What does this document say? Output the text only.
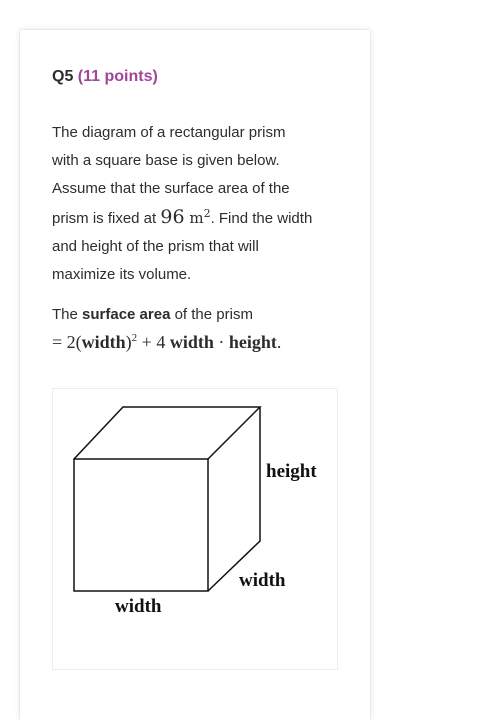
Q5 (11 points)
The diagram of a rectangular prism
with a square base is given below.
Assume that the surface area of the
prism is fixed at 96 $m^2$. Find the width
and height of the prism that will
maximize its volume.
The surface area of the prism
= 2(width)$^2$ + 4 width · height.
height
width
width
